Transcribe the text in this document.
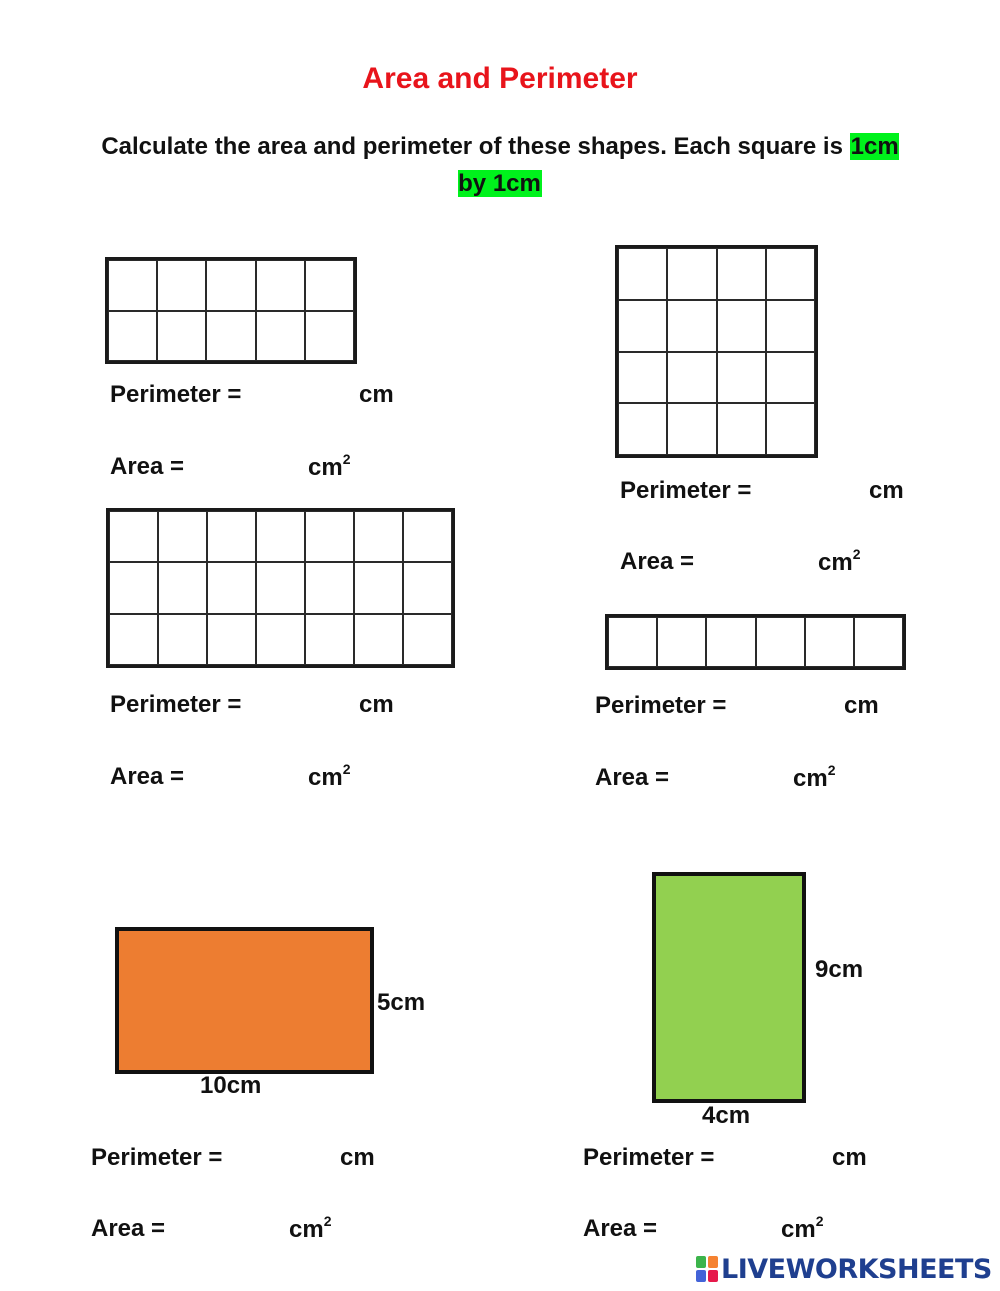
Area and Perimeter
Calculate the area and perimeter of these shapes. Each square is 1cm by 1cm
Perimeter =	cm
Area =	$cm^2$
Perimeter =	cm
Area =	$cm^2$
Perimeter =	cm
Area =	$cm^2$
Perimeter =	cm
Area =	$cm^2$
5cm
10cm
Perimeter =	cm
Area =	$cm^2$
9cm
4cm
Perimeter =	cm
Area =	$cm^2$
LIVEWORKSHEETS
